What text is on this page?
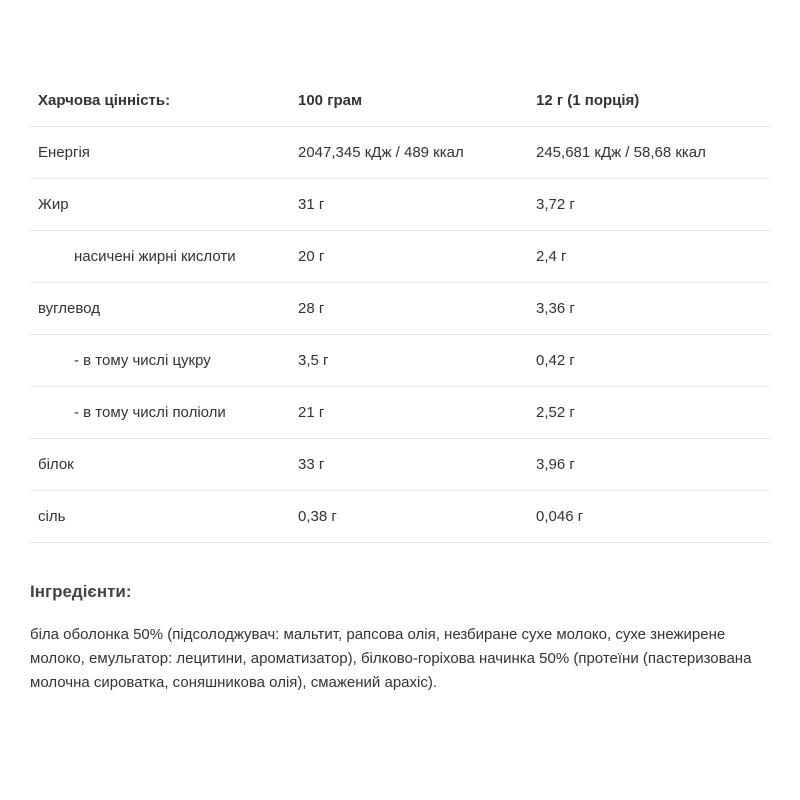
Харчова цінність:	100 грам	12 г (1 порція)
Енергія	2047,345 кДж / 489 ккал	245,681 кДж / 58,68 ккал
Жир	31 г	3,72 г
насичені жирні кислоти	20 г	2,4 г
вуглевод	28 г	3,36 г
- в тому числі цукру	3,5 г	0,42 г
- в тому числі поліоли	21 г	2,52 г
білок	33 г	3,96 г
сіль	0,38 г	0,046 г
Інгредієнти:

біла оболонка 50% (підсолоджувач: мальтит, рапсова олія, незбиране сухе молоко, сухе знежирене молоко, емульгатор: лецитини, ароматизатор), білково-горіхова начинка 50% (протеїни (пастеризована молочна сироватка, соняшникова олія), смажений арахіс).
